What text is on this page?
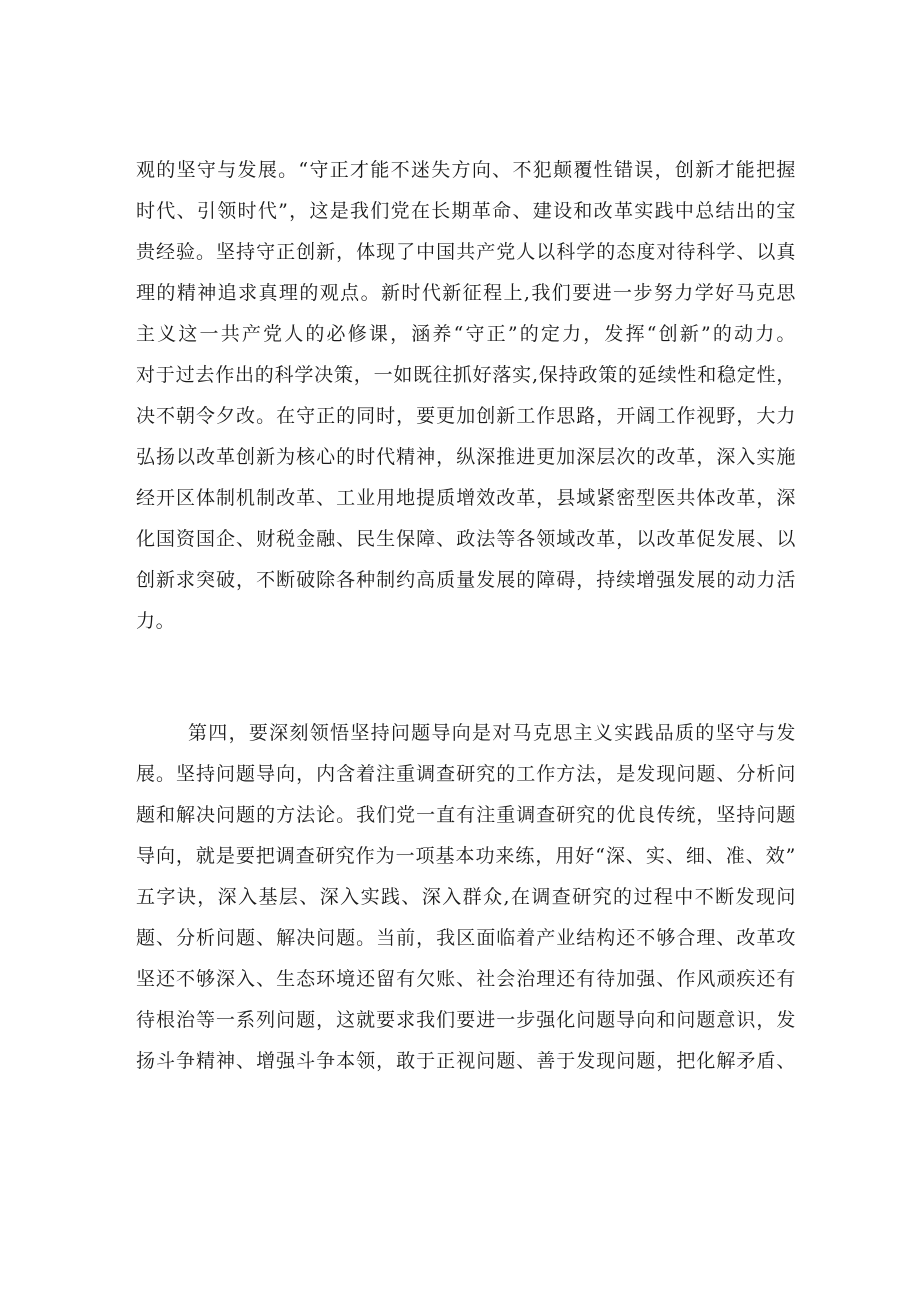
观的坚守与发展。“守正才能不迷失方向、不犯颠覆性错误，创新才能把握
时代、引领时代”，这是我们党在长期革命、建设和改革实践中总结出的宝
贵经验。坚持守正创新，体现了中国共产党人以科学的态度对待科学、以真
理的精神追求真理的观点。新时代新征程上,我们要进一步努力学好马克思
主义这一共产党人的必修课，涵养“守正”的定力，发挥“创新”的动力。
对于过去作出的科学决策，一如既往抓好落实,保持政策的延续性和稳定性，
决不朝令夕改。在守正的同时，要更加创新工作思路，开阔工作视野，大力
弘扬以改革创新为核心的时代精神，纵深推进更加深层次的改革，深入实施
经开区体制机制改革、工业用地提质增效改革，县域紧密型医共体改革，深
化国资国企、财税金融、民生保障、政法等各领域改革，以改革促发展、以
创新求突破，不断破除各种制约高质量发展的障碍，持续增强发展的动力活
力。
第四，要深刻领悟坚持问题导向是对马克思主义实践品质的坚守与发
展。坚持问题导向，内含着注重调查研究的工作方法，是发现问题、分析问
题和解决问题的方法论。我们党一直有注重调查研究的优良传统，坚持问题
导向，就是要把调查研究作为一项基本功来练，用好“深、实、细、准、效”
五字诀，深入基层、深入实践、深入群众,在调查研究的过程中不断发现问
题、分析问题、解决问题。当前，我区面临着产业结构还不够合理、改革攻
坚还不够深入、生态环境还留有欠账、社会治理还有待加强、作风顽疾还有
待根治等一系列问题，这就要求我们要进一步强化问题导向和问题意识，发
扬斗争精神、增强斗争本领，敢于正视问题、善于发现问题，把化解矛盾、
